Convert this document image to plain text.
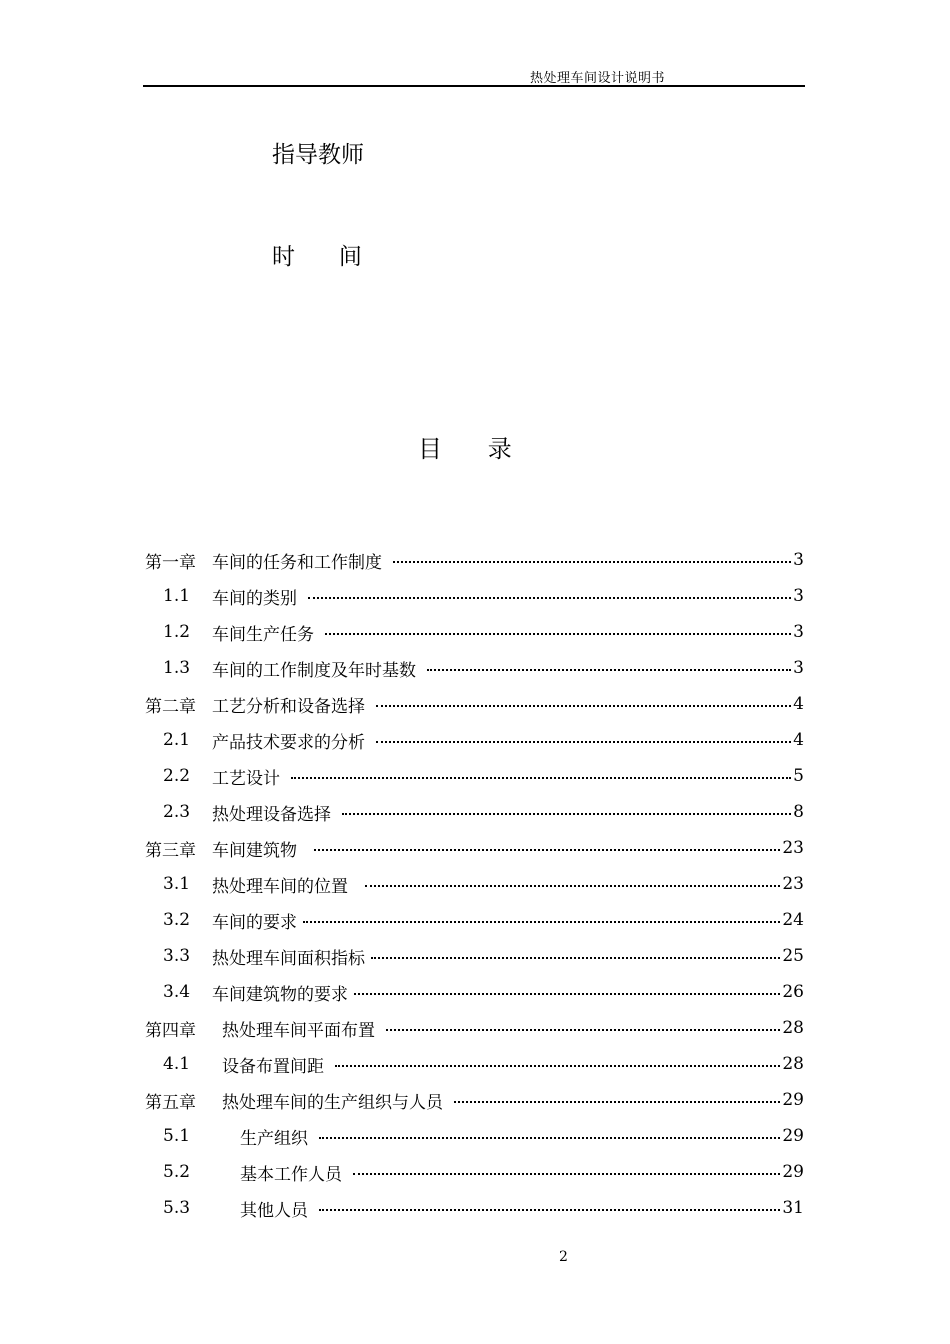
热处理车间设计说明书
指导教师
时      间
目      录
第一章 车间的任务和工作制度	3
1.1	车间的类别	3
1.2	车间生产任务	3
1.3	车间的工作制度及年时基数	3
第二章 工艺分析和设备选择	4
2.1	产品技术要求的分析	4
2.2	工艺设计	5
2.3	热处理设备选择	8
第三章 车间建筑物	23
3.1	热处理车间的位置	23
3.2	车间的要求	24
3.3	热处理车间面积指标	25
3.4	车间建筑物的要求	26
第四章	热处理车间平面布置	28
4.1	设备布置间距	28
第五章	热处理车间的生产组织与人员	29
5.1	生产组织	29
5.2	基本工作人员	29
5.3	其他人员	31
2
